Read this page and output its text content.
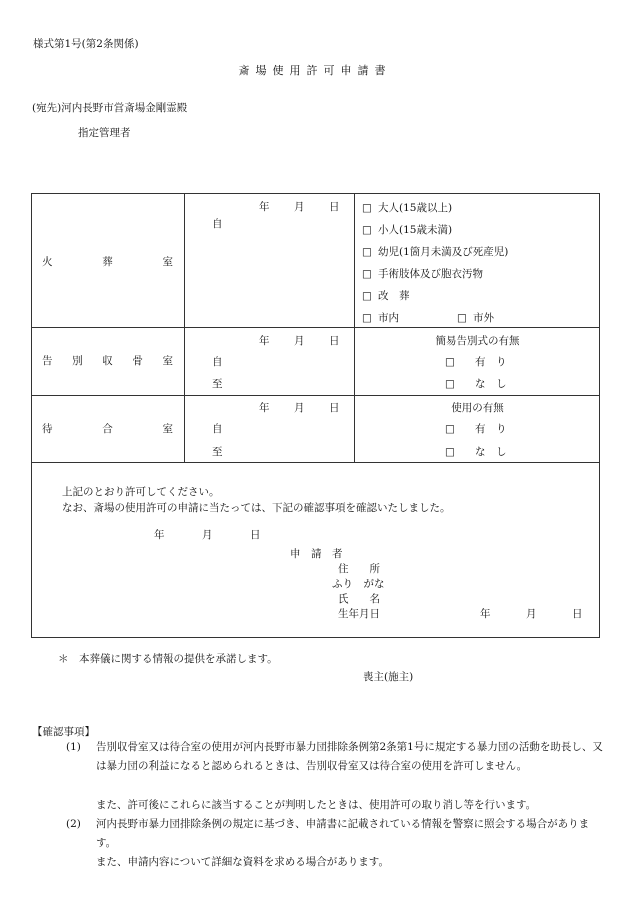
様式第1号(第2条関係)
斎場使用許可申請書
(宛先)河内長野市営斎場金剛霊殿
指定管理者
火	葬	室
年 月 日
自
□ 大人(15歳以上)
□ 小人(15歳未満)
□ 幼児(1箇月未満及び死産児)
□ 手術肢体及び胞衣汚物
□ 改　葬
□ 市内	□ 市外
告 別 収 骨 室
年 月 日
自
至
簡易告別式の有無
□ 有　り
□ な　し
待	合	室
年 月 日
自
至
使用の有無
□ 有　り
□ な　し
上記のとおり許可してください。
なお、斎場の使用許可の申請に当たっては、下記の確認事項を確認いたしました。
年	月	日
申　請　者
住　　所
ふり　がな
氏　　名
生年月日	年	月	日
＊　本葬儀に関する情報の提供を承諾します。
喪主(施主)
【確認事項】
(1) 告別収骨室又は待合室の使用が河内長野市暴力団排除条例第2条第1号に規定する暴力団の活動を助長し、又は暴力団の利益になると認められるときは、告別収骨室又は待合室の使用を許可しません。
また、許可後にこれらに該当することが判明したときは、使用許可の取り消し等を行います。
(2) 河内長野市暴力団排除条例の規定に基づき、申請書に記載されている情報を警察に照会する場合があります。
また、申請内容について詳細な資料を求める場合があります。
